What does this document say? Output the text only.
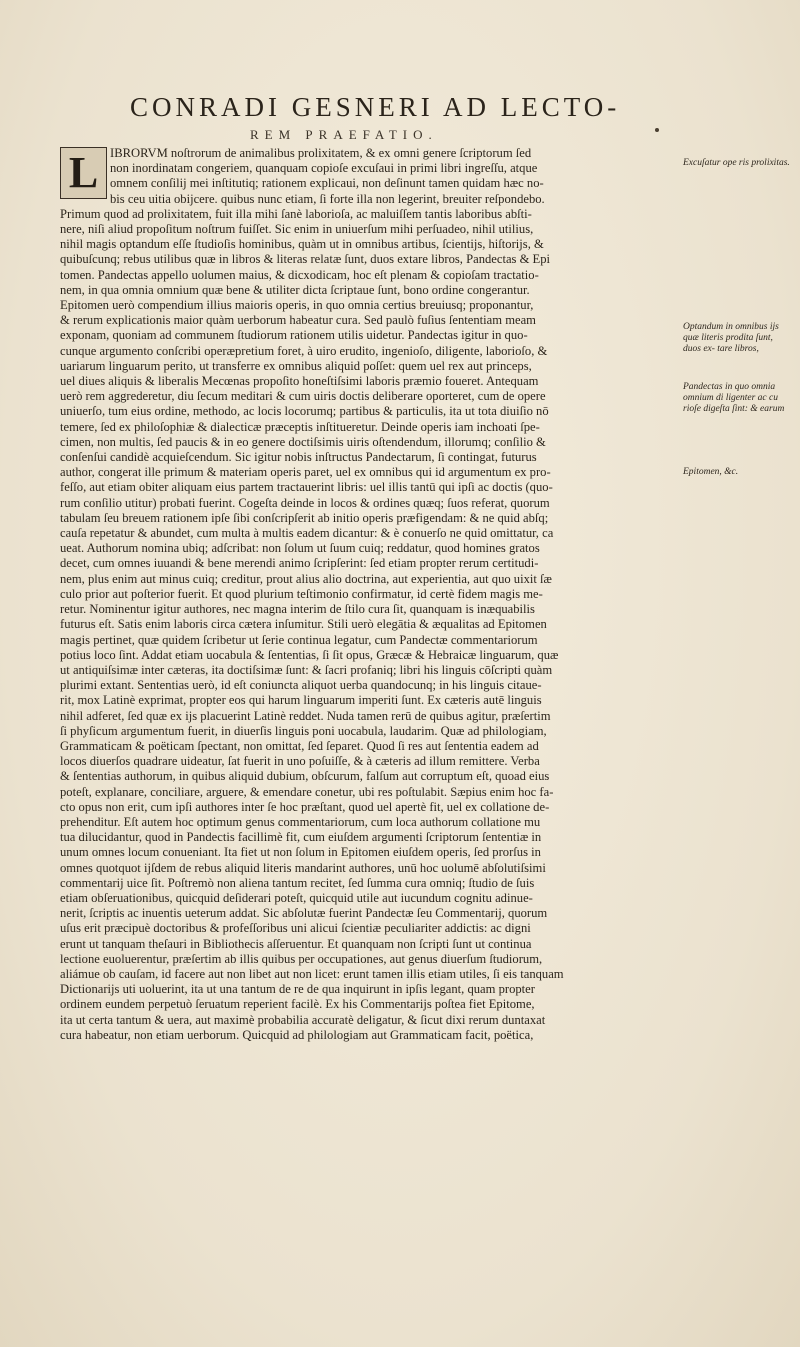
CONRADI GESNERI AD LECTO-
REM PRAEFATIO.
IBRORVM noſtrorum de animalibus prolixitatem, & ex omni genere ſcriptorum ſed
non inordinatam congeriem, quanquam copioſe excuſaui in primi libri ingreſſu, atque
omnem conſilij mei inſtitutiq; rationem explicaui, non deſinunt tamen quidam hæc no-
bis ceu uitia obijcere. quibus nunc etiam, ſi forte illa non legerint, breuiter reſpondebo.
Primum quod ad prolixitatem, fuit illa mihi ſanè laborioſa, ac maluiſſem tantis laboribus abſti-
nere, niſi aliud propoſitum noſtrum fuiſſet. Sic enim in uniuerſum mihi perſuadeo, nihil utilius,
nihil magis optandum eſſe ſtudioſis hominibus, quàm ut in omnibus artibus, ſcientijs, hiſtorijs, &
quibuſcunq; rebus utilibus quæ in libros & literas relatæ ſunt, duos extare libros, Pandectas & Epi
tomen. Pandectas appello uolumen maius, & dicxodicam, hoc eſt plenam & copioſam tractatio-
nem, in qua omnia omnium quæ bene & utiliter dicta ſcriptaue ſunt, bono ordine congerantur.
Epitomen uerò compendium illius maioris operis, in quo omnia certius breuiusq; proponantur,
& rerum explicationis maior quàm uerborum habeatur cura. Sed paulò fuſius ſententiam meam
exponam, quoniam ad communem ſtudiorum rationem utilis uidetur. Pandectas igitur in quo-
cunque argumento conſcribi operæpretium foret, à uiro erudito, ingenioſo, diligente, laborioſo, &
uariarum linguarum perito, ut transferre ex omnibus aliquid poſſet: quem uel rex aut princeps,
uel diues aliquis & liberalis Mecœnas propoſito honeſtiſsimi laboris præmio foueret. Antequam
uerò rem aggrederetur, diu ſecum meditari & cum uiris doctis deliberare oporteret, cum de opere
uniuerſo, tum eius ordine, methodo, ac locis locorumq; partibus & particulis, ita ut tota diuiſio nō
temere, ſed ex philoſophiæ & dialecticæ præceptis inſtitueretur. Deinde operis iam inchoati ſpe-
cimen, non multis, ſed paucis & in eo genere doctiſsimis uiris oſtendendum, illorumq; conſilio &
conſenſui candidè acquieſcendum. Sic igitur nobis inſtructus Pandectarum, ſi contingat, futurus
author, congerat ille primum & materiam operis paret, uel ex omnibus qui id argumentum ex pro-
feſſo, aut etiam obiter aliquam eius partem tractauerint libris: uel illis tantū qui ipſi ac doctis (quo-
rum conſilio utitur) probati fuerint. Cogeſta deinde in locos & ordines quæq; ſuos referat, quorum
tabulam ſeu breuem rationem ipſe ſibi conſcripſerit ab initio operis præfigendam: & ne quid abſq;
cauſa repetatur & abundet, cum multa à multis eadem dicantur: & è conuerſo ne quid omittatur, ca
ueat. Authorum nomina ubiq; adſcribat: non ſolum ut ſuum cuiq; reddatur, quod homines gratos
decet, cum omnes iuuandi & bene merendi animo ſcripſerint: ſed etiam propter rerum certitudi-
nem, plus enim aut minus cuiq; creditur, prout alius alio doctrina, aut experientia, aut quo uixit ſæ
culo prior aut poſterior fuerit. Et quod plurium teſtimonio confirmatur, id certè fidem magis me-
retur. Nominentur igitur authores, nec magna interim de ſtilo cura ſit, quanquam is inæquabilis
futurus eſt. Satis enim laboris circa cætera inſumitur. Stili uerò elegātia & æqualitas ad Epitomen
magis pertinet, quæ quidem ſcribetur ut ſerie continua legatur, cum Pandectæ commentariorum
potius loco ſint. Addat etiam uocabula & ſententias, ſi ſit opus, Græcæ & Hebraicæ linguarum, quæ
ut antiquiſsimæ inter cæteras, ita doctiſsimæ ſunt: & ſacri profaniq; libri his linguis cōſcripti quàm
plurimi extant. Sententias uerò, id eſt coniuncta aliquot uerba quandocunq; in his linguis citaue-
rit, mox Latinè exprimat, propter eos qui harum linguarum imperiti ſunt. Ex cæteris autē linguis
nihil adferet, ſed quæ ex ijs placuerint Latinè reddet. Nuda tamen rerū de quibus agitur, præſertim
ſi phyſicum argumentum fuerit, in diuerſis linguis poni uocabula, laudarim. Quæ ad philologiam,
Grammaticam & poëticam ſpectant, non omittat, ſed ſeparet. Quod ſi res aut ſententia eadem ad
locos diuerſos quadrare uideatur, ſat fuerit in uno poſuiſſe, & à cæteris ad illum remittere. Verba
& ſententias authorum, in quibus aliquid dubium, obſcurum, falſum aut corruptum eſt, quoad eius
poteſt, explanare, conciliare, arguere, & emendare conetur, ubi res poſtulabit. Sæpius enim hoc fa-
cto opus non erit, cum ipſi authores inter ſe hoc præſtant, quod uel apertè fit, uel ex collatione de-
prehenditur. Eſt autem hoc optimum genus commentariorum, cum loca authorum collatione mu
tua dilucidantur, quod in Pandectis facillimè fit, cum eiuſdem argumenti ſcriptorum ſententiæ in
unum omnes locum conueniant. Ita fiet ut non ſolum in Epitomen eiuſdem operis, ſed prorſus in
omnes quotquot ijſdem de rebus aliquid literis mandarint authores, unū hoc uolumē abſolutiſsimi
commentarij uice ſit. Poſtremò non aliena tantum recitet, ſed ſumma cura omniq; ſtudio de ſuis
etiam obſeruationibus, quicquid deſiderari poteſt, quicquid utile aut iucundum cognitu adinue-
nerit, ſcriptis ac inuentis ueterum addat. Sic abſolutæ fuerint Pandectæ ſeu Commentarij, quorum
uſus erit præcipuè doctoribus & profeſſoribus uni alicui ſcientiæ peculiariter addictis: ac digni
erunt ut tanquam theſauri in Bibliothecis aſſeruentur. Et quanquam non ſcripti ſunt ut continua
lectione euoluerentur, præſertim ab illis quibus per occupationes, aut genus diuerſum ſtudiorum,
aliámue ob cauſam, id facere aut non libet aut non licet: erunt tamen illis etiam utiles, ſi eis tanquam
Dictionarijs uti uoluerint, ita ut una tantum de re de qua inquirunt in ipſis legant, quam propter
ordinem eundem perpetuò ſeruatum reperient facilè. Ex his Commentarijs poſtea fiet Epitome,
ita ut certa tantum & uera, aut maximè probabilia accuratè deligatur, & ſicut dixi rerum duntaxat
cura habeatur, non etiam uerborum. Quicquid ad philologiam aut Grammaticam facit, poëtica,
L	Excuſatur ope ris prolixitas.
Optandum in omnibus ijs quæ literis prodita ſunt, duos ex- tare libros,
Pandectas in quo omnia omnium di ligenter ac cu rioſe digeſta ſint: & earum
Epitomen, &c.
